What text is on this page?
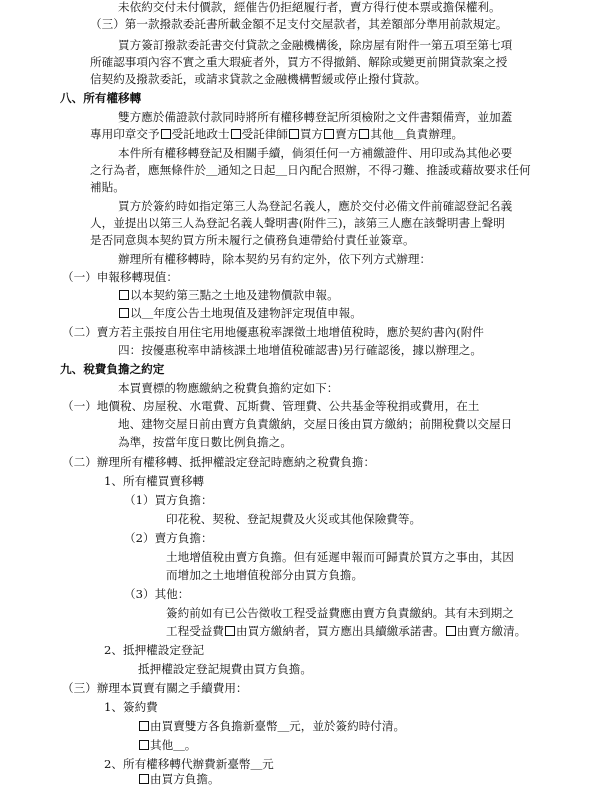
未依約交付未付價款，經催告仍拒絕履行者，賣方得行使本票或擔保權利。
（三）第一款撥款委託書所載金額不足支付交屋款者，其差額部分準用前款規定。
買方簽訂撥款委託書交付貸款之金融機構後，除房屋有附件一第五項至第七項
所確認事項內容不實之重大瑕疵者外，買方不得撤銷、解除或變更前開貸款案之授
信契約及撥款委託，或請求貸款之金融機構暫緩或停止撥付貸款。
八、所有權移轉
雙方應於備證款付款同時將所有權移轉登記所須檢附之文件書類備齊，並加蓋
專用印章交予 受託地政士 受託律師 買方 賣方 其他＿負責辦理。
本件所有權移轉登記及相關手續，倘須任何一方補繳證件、用印或為其他必要
之行為者，應無條件於＿通知之日起＿日內配合照辦，不得刁難、推諉或藉故要求任何
補貼。
買方於簽約時如指定第三人為登記名義人，應於交付必備文件前確認登記名義
人，並提出以第三人為登記名義人聲明書(附件三)，該第三人應在該聲明書上聲明
是否同意與本契約買方所未履行之債務負連帶給付責任並簽章。
辦理所有權移轉時，除本契約另有約定外，依下列方式辦理：
（一）申報移轉現值：
以本契約第三點之土地及建物價款申報。
以＿年度公告土地現值及建物評定現值申報。
（二）賣方若主張按自用住宅用地優惠稅率課徵土地增值稅時，應於契約書內(附件
四：按優惠稅率申請核課土地增值稅確認書)另行確認後，據以辦理之。
九、稅費負擔之約定
本買賣標的物應繳納之稅費負擔約定如下：
（一）地價稅、房屋稅、水電費、瓦斯費、管理費、公共基金等稅捐或費用，在土
地、建物交屋日前由賣方負責繳納，交屋日後由買方繳納；前開稅費以交屋日
為準，按當年度日數比例負擔之。
（二）辦理所有權移轉、抵押權設定登記時應納之稅費負擔：
1、所有權買賣移轉
（1）買方負擔：
印花稅、契稅、登記規費及火災或其他保險費等。
（2）賣方負擔：
土地增值稅由賣方負擔。但有延遲申報而可歸責於買方之事由，其因
而增加之土地增值稅部分由買方負擔。
（3）其他：
簽約前如有已公告徵收工程受益費應由賣方負責繳納。其有未到期之
工程受益費 由買方繳納者，買方應出具續繳承諾書。 由賣方繳清。
2、抵押權設定登記
抵押權設定登記規費由買方負擔。
（三）辦理本買賣有關之手續費用：
1、簽約費
由買賣雙方各負擔新臺幣＿元，並於簽約時付清。
其他＿。
2、所有權移轉代辦費新臺幣＿元
由買方負擔。
